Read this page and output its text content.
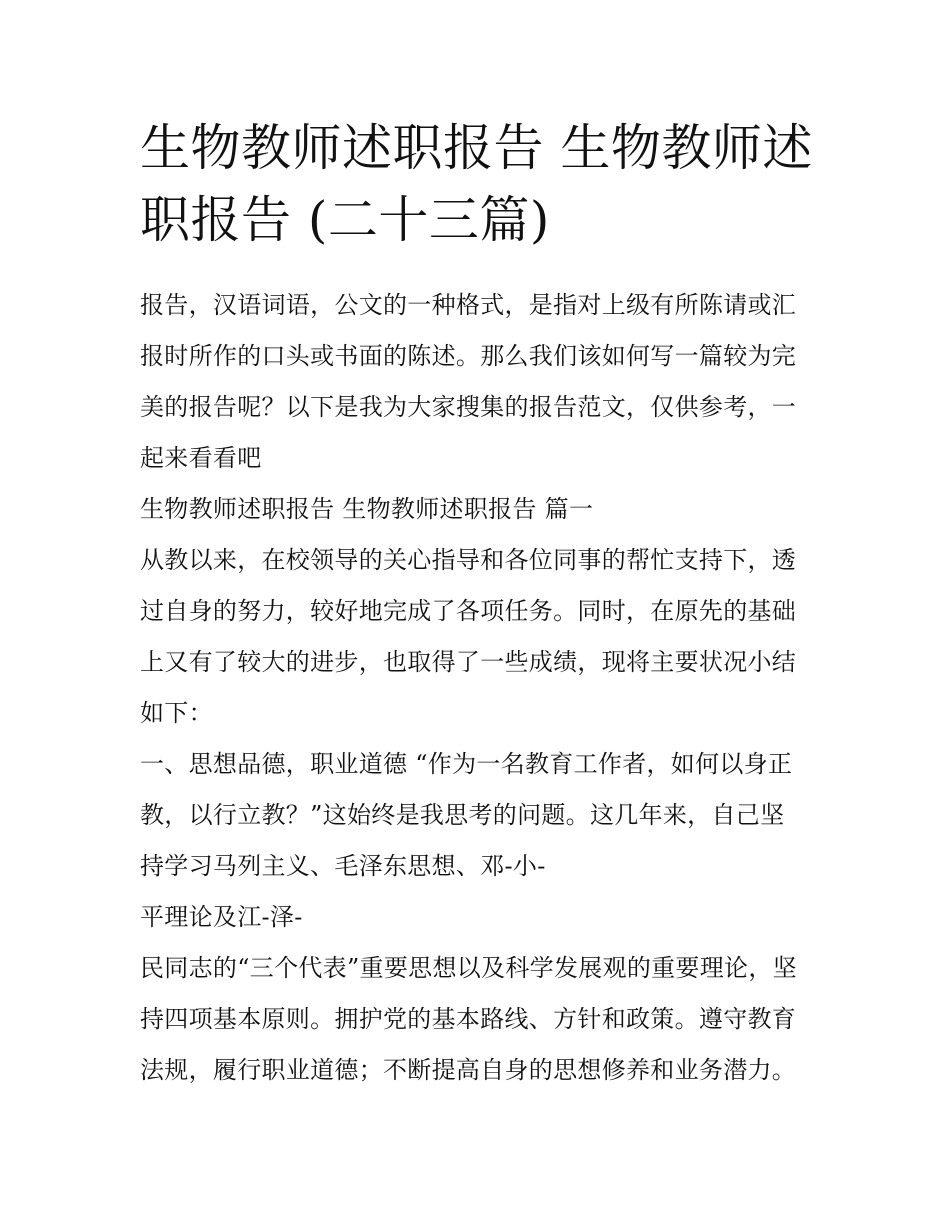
生物教师述职报告 生物教师述
职报告 (二十三篇)
报告，汉语词语，公文的一种格式，是指对上级有所陈请或汇
报时所作的口头或书面的陈述。那么我们该如何写一篇较为完
美的报告呢？以下是我为大家搜集的报告范文，仅供参考，一
起来看看吧
生物教师述职报告 生物教师述职报告 篇一
从教以来，在校领导的关心指导和各位同事的帮忙支持下，透
过自身的努力，较好地完成了各项任务。同时，在原先的基础
上又有了较大的进步，也取得了一些成绩，现将主要状况小结
如下：
一、思想品德，职业道德 “作为一名教育工作者，如何以身正
教，以行立教？”这始终是我思考的问题。这几年来，自己坚
持学习马列主义、毛泽东思想、邓-小-
平理论及江-泽-
民同志的“三个代表”重要思想以及科学发展观的重要理论，坚
持四项基本原则。拥护党的基本路线、方针和政策。遵守教育
法规，履行职业道德；不断提高自身的思想修养和业务潜力。
